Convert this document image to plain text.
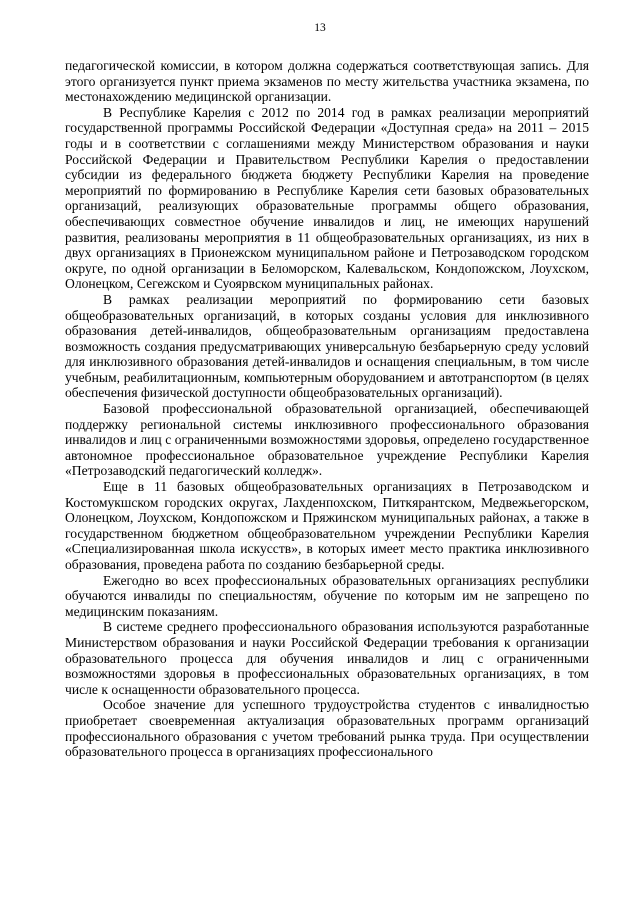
13

педагогической комиссии, в котором должна содержаться соответствующая запись. Для этого организуется пункт приема экзаменов по месту жительства участника экзамена, по местонахождению медицинской организации.

В Республике Карелия с 2012 по 2014 год в рамках реализации мероприятий государственной программы Российской Федерации «Доступная среда» на 2011 – 2015 годы и в соответствии с соглашениями между Министерством образования и науки Российской Федерации и Правительством Республики Карелия о предоставлении субсидии из федерального бюджета бюджету Республики Карелия на проведение мероприятий по формированию в Республике Карелия сети базовых образовательных организаций, реализующих образовательные программы общего образования, обеспечивающих совместное обучение инвалидов и лиц, не имеющих нарушений развития, реализованы мероприятия в 11 общеобразовательных организациях, из них в двух организациях в Прионежском муниципальном районе и Петрозаводском городском округе, по одной организации в Беломорском, Калевальском, Кондопожском, Лоухском, Олонецком, Сегежском и Суоярвском муниципальных районах.

В рамках реализации мероприятий по формированию сети базовых общеобразовательных организаций, в которых созданы условия для инклюзивного образования детей-инвалидов, общеобразовательным организациям предоставлена возможность создания предусматривающих универсальную безбарьерную среду условий для инклюзивного образования детей-инвалидов и оснащения специальным, в том числе учебным, реабилитационным, компьютерным оборудованием и автотранспортом (в целях обеспечения физической доступности общеобразовательных организаций).

Базовой профессиональной образовательной организацией, обеспечивающей поддержку региональной системы инклюзивного профессионального образования инвалидов и лиц с ограниченными возможностями здоровья, определено государственное автономное профессиональное образовательное учреждение Республики Карелия «Петрозаводский педагогический колледж».

Еще в 11 базовых общеобразовательных организациях в Петрозаводском и Костомукшском городских округах, Лахденпохском, Питкярантском, Медвежьегорском, Олонецком, Лоухском, Кондопожском и Пряжинском муниципальных районах, а также в государственном бюджетном общеобразовательном учреждении Республики Карелия «Специализированная школа искусств», в которых имеет место практика инклюзивного образования, проведена работа по созданию безбарьерной среды.

Ежегодно во всех профессиональных образовательных организациях республики обучаются инвалиды по специальностям, обучение по которым им не запрещено по медицинским показаниям.

В системе среднего профессионального образования используются разработанные Министерством образования и науки Российской Федерации требования к организации образовательного процесса для обучения инвалидов и лиц с ограниченными возможностями здоровья в профессиональных образовательных организациях, в том числе к оснащенности образовательного процесса.

Особое значение для успешного трудоустройства студентов с инвалидностью приобретает своевременная актуализация образовательных программ организаций профессионального образования с учетом требований рынка труда. При осуществлении образовательного процесса в организациях профессионального
